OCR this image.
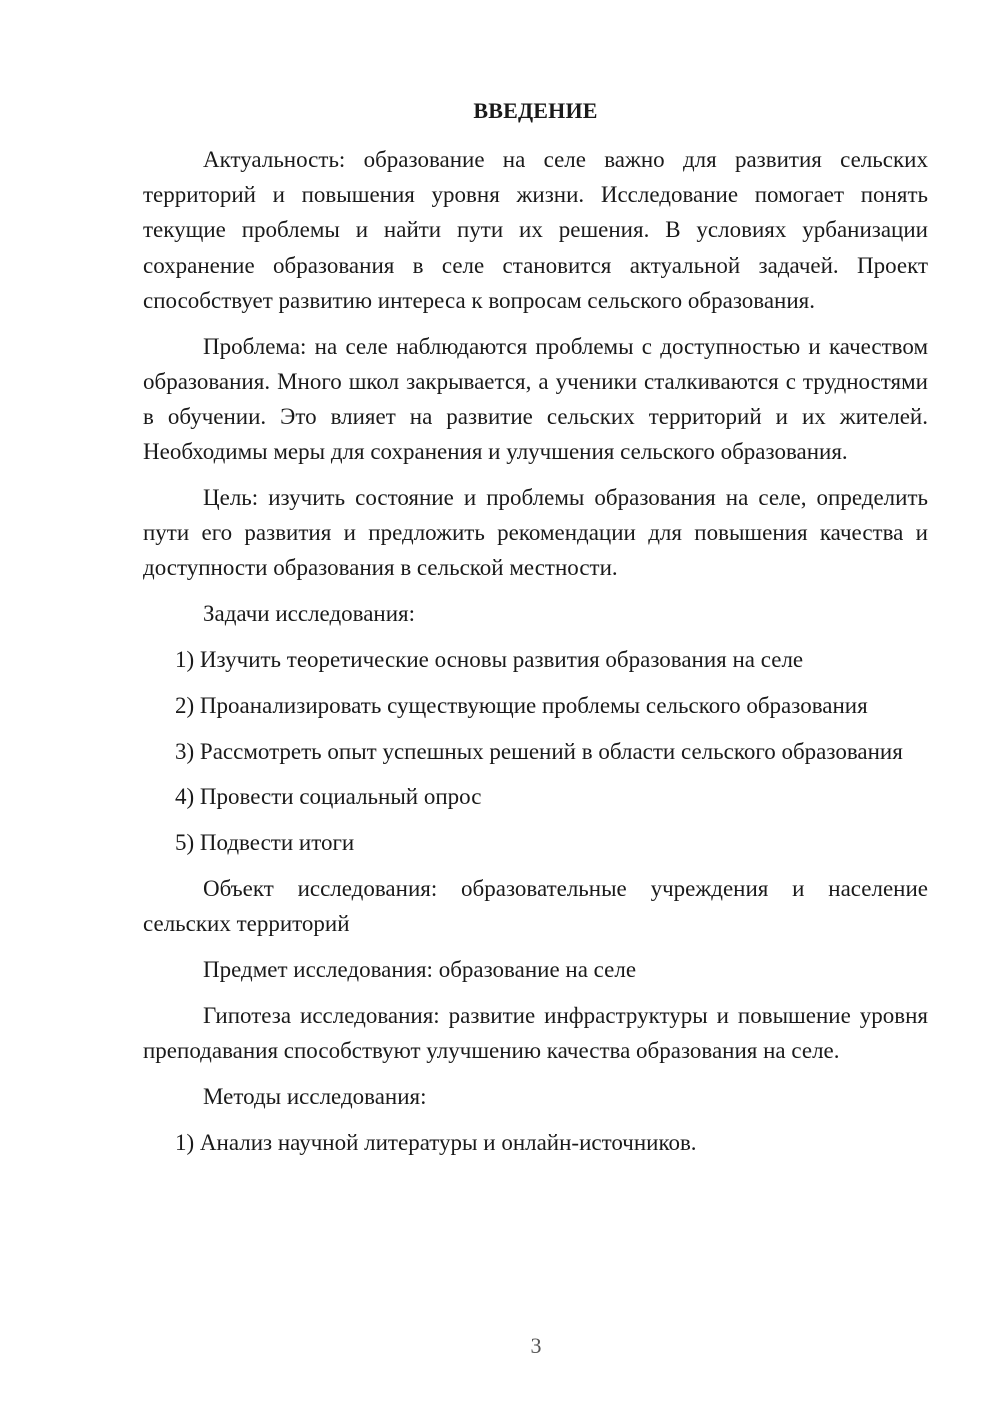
ВВЕДЕНИЕ

Актуальность: образование на селе важно для развития сельских территорий и повышения уровня жизни. Исследование помогает понять текущие проблемы и найти пути их решения. В условиях урбанизации сохранение образования в селе становится актуальной задачей. Проект способствует развитию интереса к вопросам сельского образования.

Проблема: на селе наблюдаются проблемы с доступностью и качеством образования. Много школ закрывается, а ученики сталкиваются с трудностями в обучении. Это влияет на развитие сельских территорий и их жителей. Необходимы меры для сохранения и улучшения сельского образования.

Цель: изучить состояние и проблемы образования на селе, определить пути его развития и предложить рекомендации для повышения качества и доступности образования в сельской местности.

Задачи исследования:

1) Изучить теоретические основы развития образования на селе

2) Проанализировать существующие проблемы сельского образования

3) Рассмотреть опыт успешных решений в области сельского образования

4) Провести социальный опрос

5) Подвести итоги

Объект исследования: образовательные учреждения и население сельских территорий

Предмет исследования: образование на селе

Гипотеза исследования: развитие инфраструктуры и повышение уровня преподавания способствуют улучшению качества образования на селе.

Методы исследования:

1) Анализ научной литературы и онлайн-источников.

3
